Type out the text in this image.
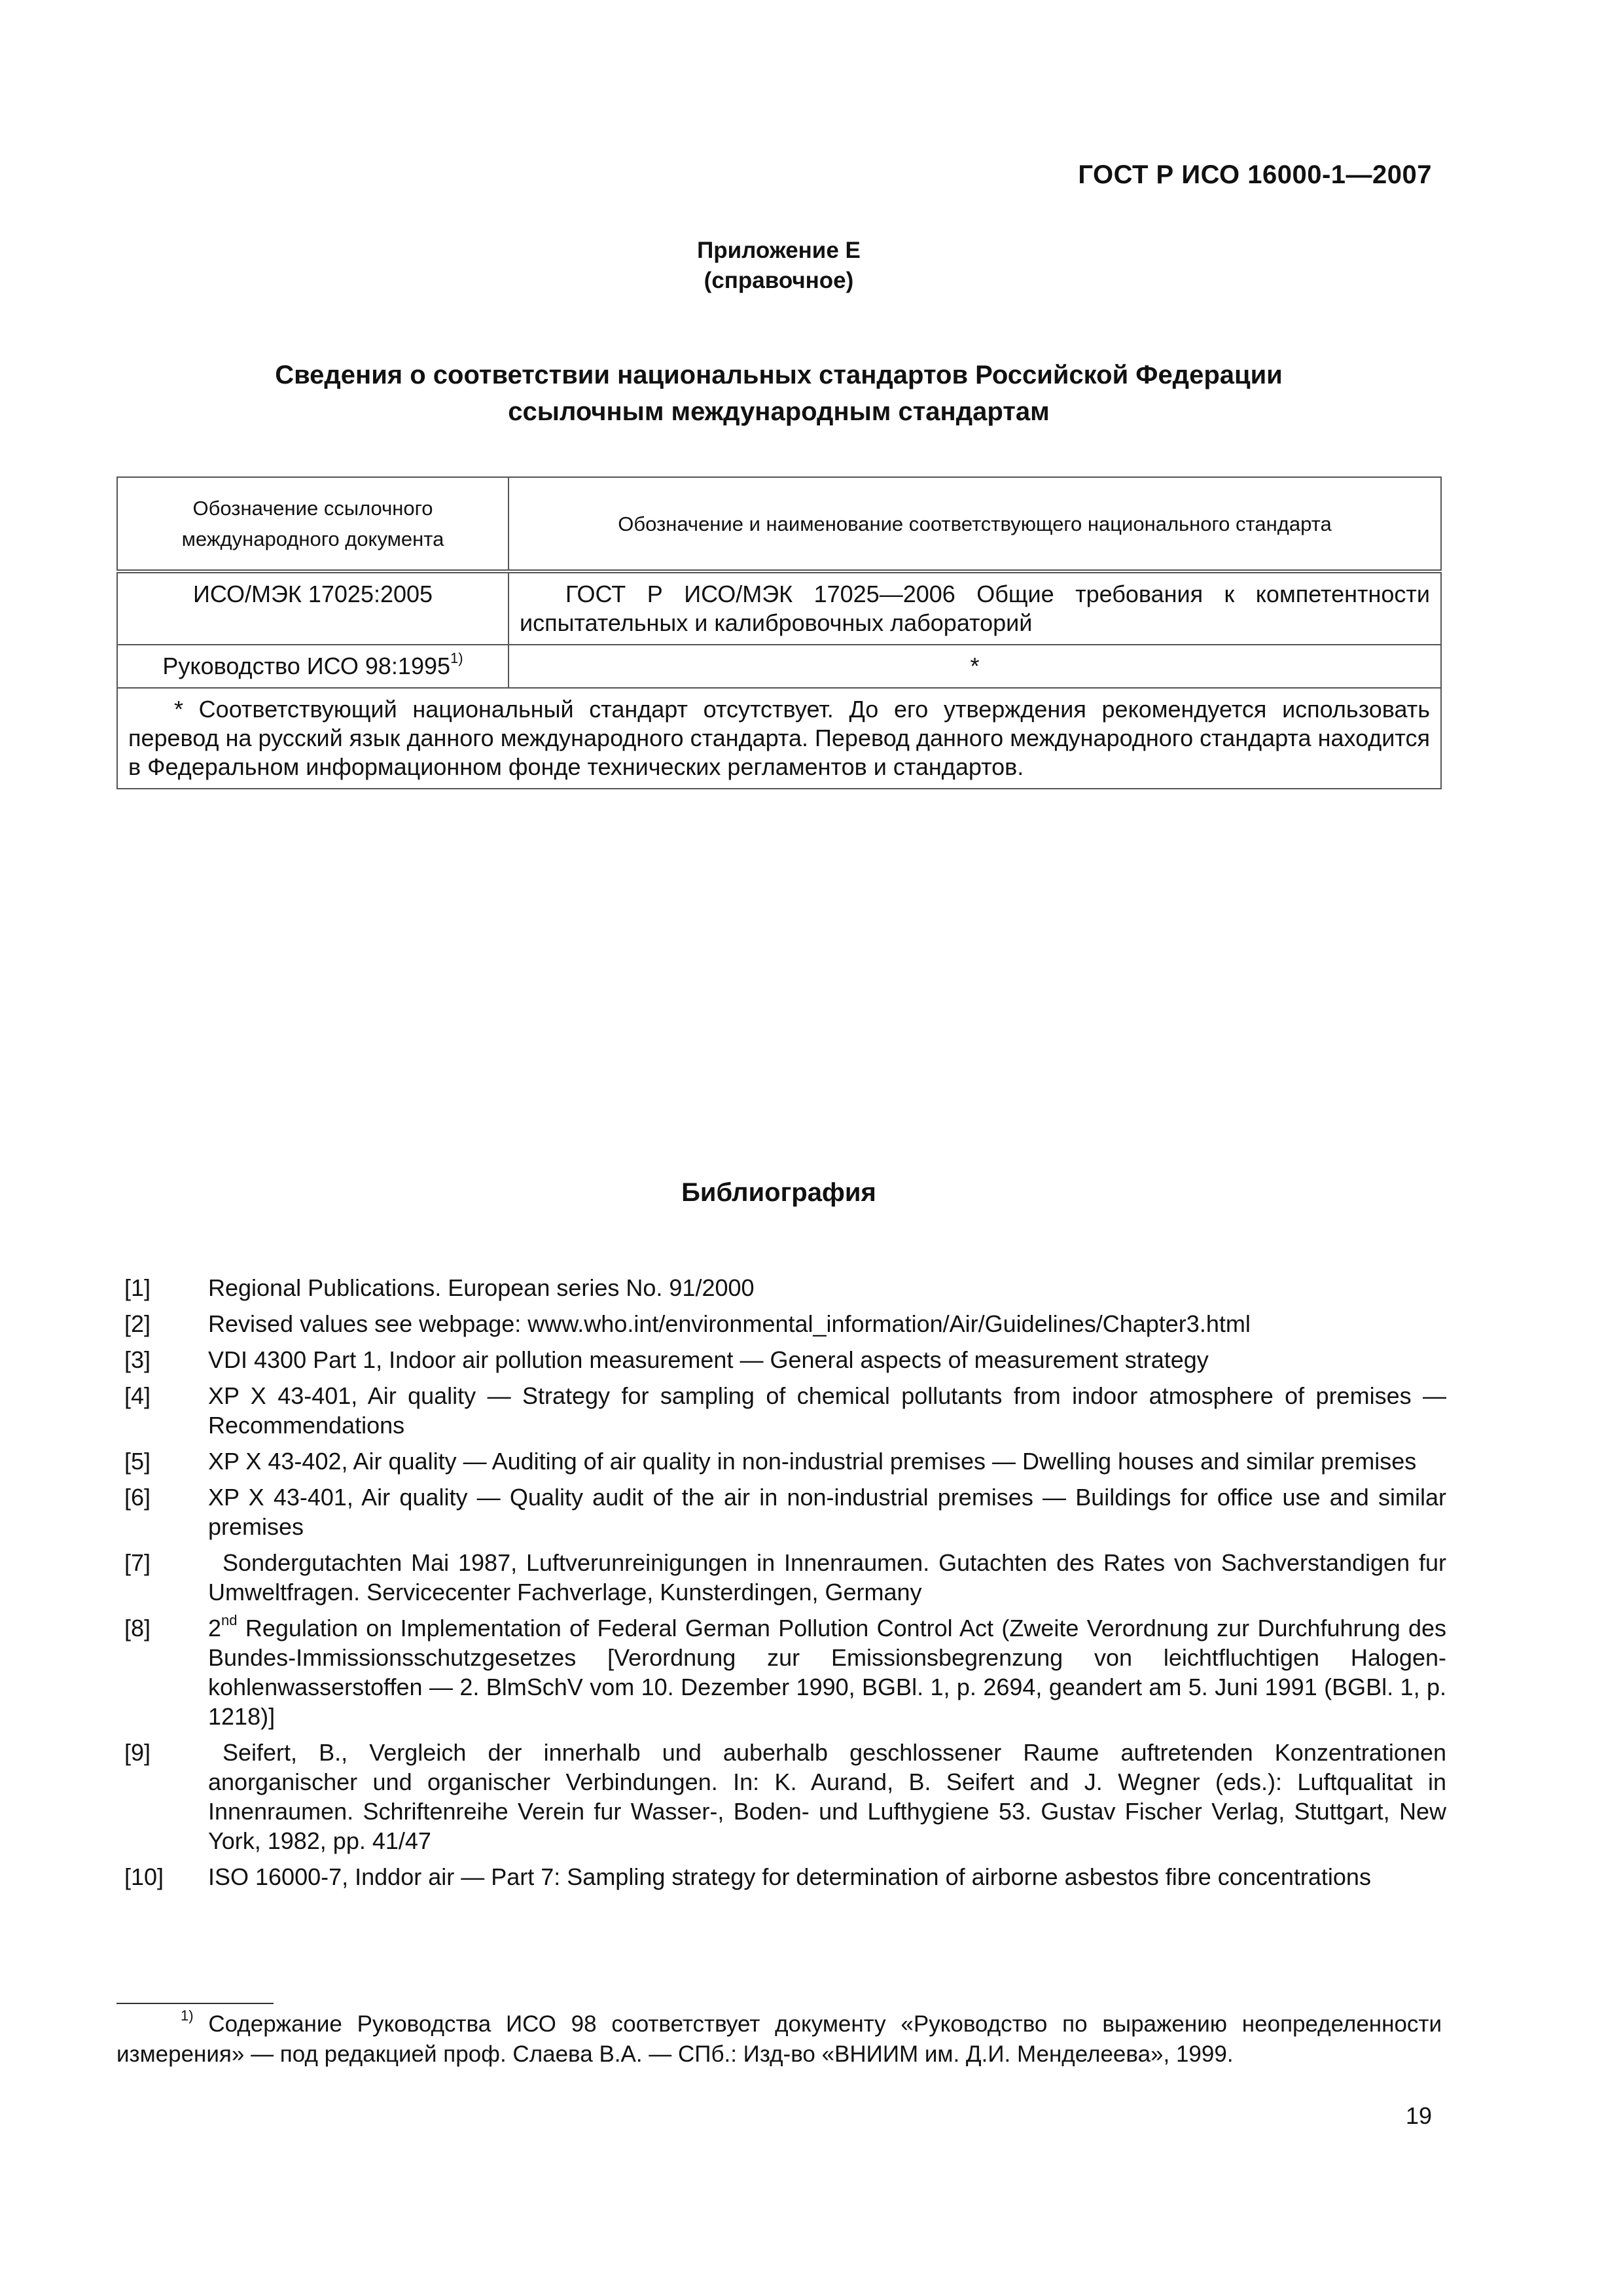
ГОСТ Р ИСО 16000-1—2007
Приложение Е
(справочное)
Сведения о соответствии национальных стандартов Российской Федерации
ссылочным международным стандартам
Обозначение ссылочного международного документа	Обозначение и наименование соответствующего национального стандарта
ИСО/МЭК 17025:2005	ГОСТ Р ИСО/МЭК 17025—2006 Общие требования к компетентности испытательных и калибровочных лабораторий
Руководство ИСО 98:1995$^{1)}$	*
* Соответствующий национальный стандарт отсутствует. До его утверждения рекомендуется использовать перевод на русский язык данного международного стандарта. Перевод данного международного стандарта находится в Федеральном информационном фонде технических регламентов и стандартов.	
Библиография
[1]	Regional Publications. European series No. 91/2000
[2]	Revised values see webpage: www.who.int/environmental_information/Air/Guidelines/Chapter3.html
[3]	VDI 4300 Part 1, Indoor air pollution measurement — General aspects of measurement strategy
[4]	XP X 43-401, Air quality — Strategy for sampling of chemical pollutants from indoor atmosphere of premises — Recommendations
[5]	XP X 43-402, Air quality — Auditing of air quality in non-industrial premises — Dwelling houses and similar premises
[6]	XP X 43-401, Air quality — Quality audit of the air in non-industrial premises — Buildings for office use and similar premises
[7]	Sondergutachten Mai 1987, Luftverunreinigungen in Innenraumen. Gutachten des Rates von Sachverstandigen fur Umweltfragen. Servicecenter Fachverlage, Kunsterdingen, Germany
[8]	2nd Regulation on Implementation of Federal German Pollution Control Act (Zweite Verordnung zur Durchfuhrung des Bundes-Immissionsschutzgesetzes [Verordnung zur Emissionsbegrenzung von leichtfluchtigen Halogen-kohlenwasserstoffen — 2. BlmSchV vom 10. Dezember 1990, BGBl. 1, p. 2694, geandert am 5. Juni 1991 (BGBl. 1, p. 1218)]
[9]	Seifert, B., Vergleich der innerhalb und auberhalb geschlossener Raume auftretenden Konzentrationen anorganischer und organischer Verbindungen. In: K. Aurand, B. Seifert and J. Wegner (eds.): Luftqualitat in Innenraumen. Schriftenreihe Verein fur Wasser-, Boden- und Lufthygiene 53. Gustav Fischer Verlag, Stuttgart, New York, 1982, pp. 41/47
[10]	ISO 16000-7, Inddor air — Part 7: Sampling strategy for determination of airborne asbestos fibre concentrations
$^{1)}$ Содержание Руководства ИСО 98 соответствует документу «Руководство по выражению неопределенности измерения» — под редакцией проф. Слаева В.А. — СПб.: Изд-во «ВНИИМ им. Д.И. Менделеева», 1999.
19
